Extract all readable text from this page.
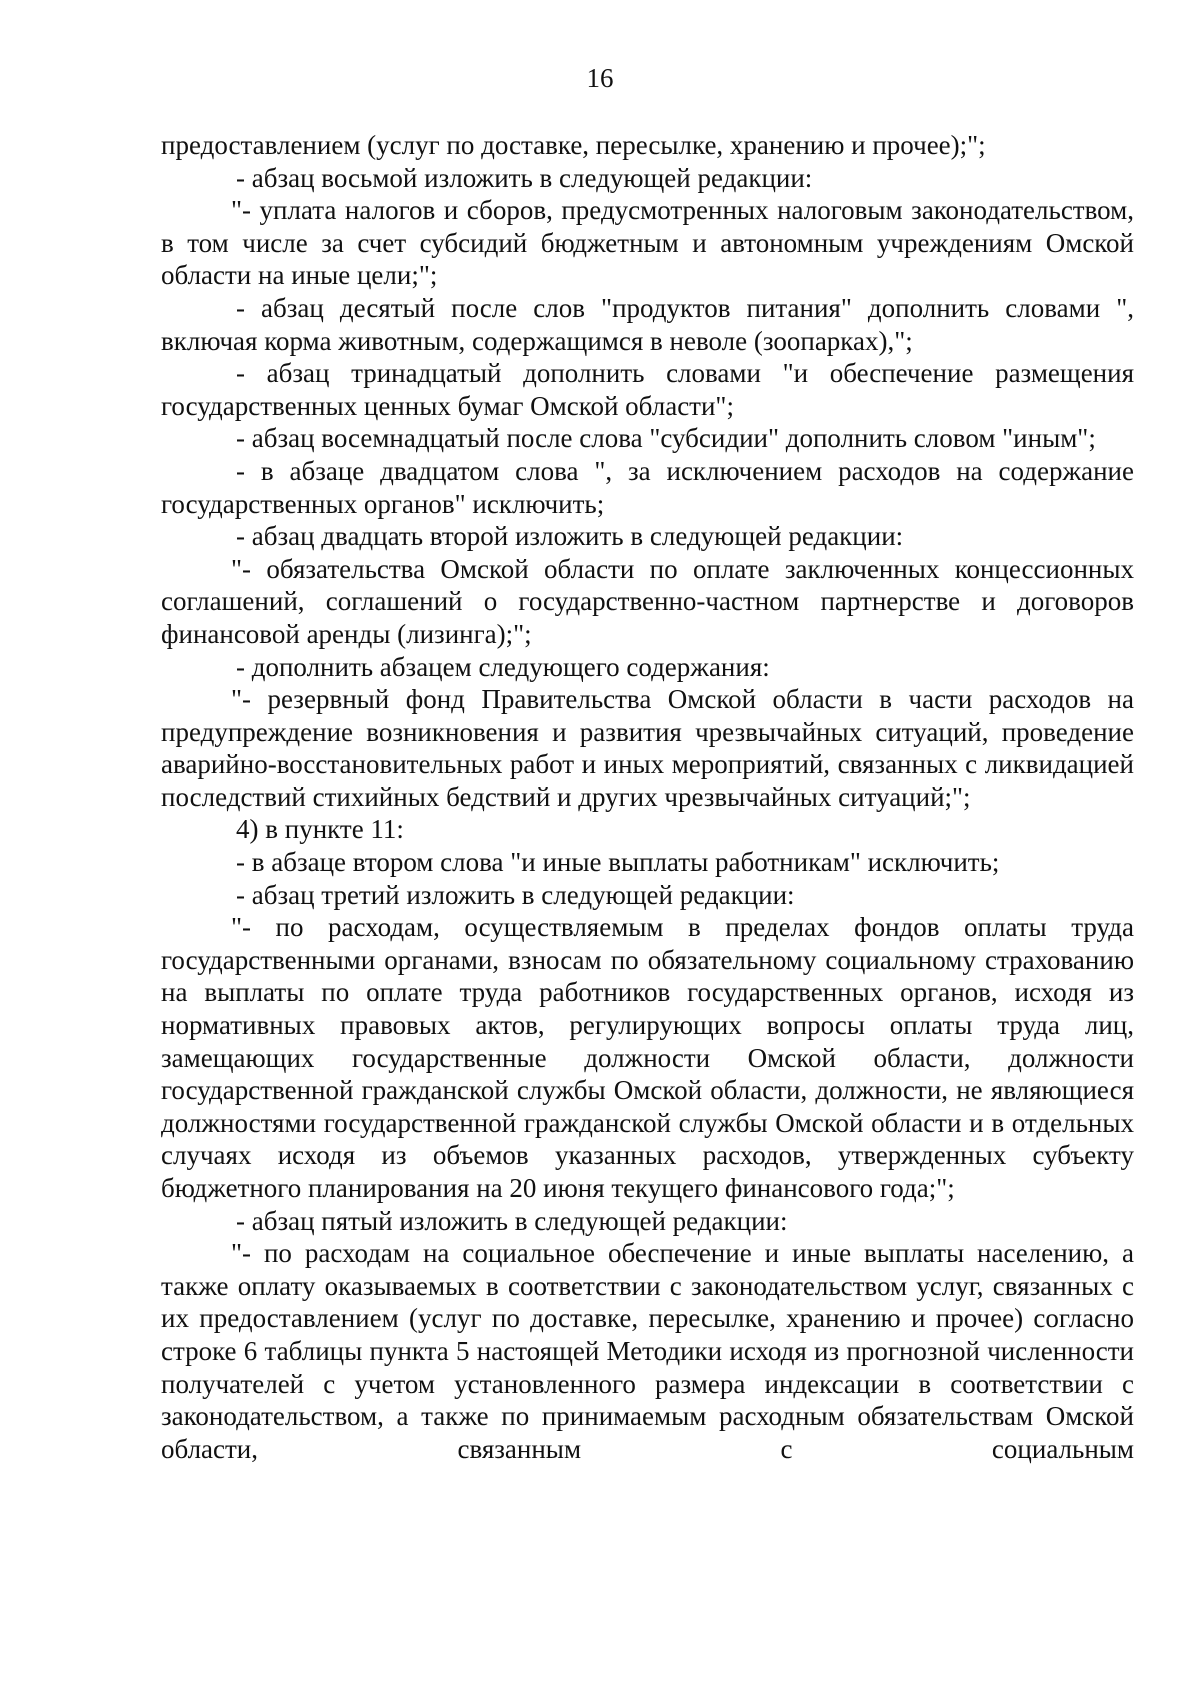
16

предоставлением (услуг по доставке, пересылке, хранению и прочее);";

- абзац восьмой изложить в следующей редакции:

"- уплата налогов и сборов, предусмотренных налоговым законодательством, в том числе за счет субсидий бюджетным и автономным учреждениям Омской области на иные цели;";

- абзац десятый после слов "продуктов питания" дополнить словами ", включая корма животным, содержащимся в неволе (зоопарках),";

- абзац тринадцатый дополнить словами "и обеспечение размещения государственных ценных бумаг Омской области";

- абзац восемнадцатый после слова "субсидии" дополнить словом "иным";

- в абзаце двадцатом слова ", за исключением расходов на содержание государственных органов" исключить;

- абзац двадцать второй изложить в следующей редакции:

"- обязательства Омской области по оплате заключенных концессионных соглашений, соглашений о государственно-частном партнерстве и договоров финансовой аренды (лизинга);";

- дополнить абзацем следующего содержания:

"- резервный фонд Правительства Омской области в части расходов на предупреждение возникновения и развития чрезвычайных ситуаций, проведение аварийно-восстановительных работ и иных мероприятий, связанных с ликвидацией последствий стихийных бедствий и других чрезвычайных ситуаций;";

4) в пункте 11:

- в абзаце втором слова "и иные выплаты работникам" исключить;

- абзац третий изложить в следующей редакции:

"- по расходам, осуществляемым в пределах фондов оплаты труда государственными органами, взносам по обязательному социальному страхованию на выплаты по оплате труда работников государственных органов, исходя из нормативных правовых актов, регулирующих вопросы оплаты труда лиц, замещающих государственные должности Омской области, должности государственной гражданской службы Омской области, должности, не являющиеся должностями государственной гражданской службы Омской области и в отдельных случаях исходя из объемов указанных расходов, утвержденных субъекту бюджетного планирования на 20 июня текущего финансового года;";

- абзац пятый изложить в следующей редакции:

"- по расходам на социальное обеспечение и иные выплаты населению, а также оплату оказываемых в соответствии с законодательством услуг, связанных с их предоставлением (услуг по доставке, пересылке, хранению и прочее) согласно строке 6 таблицы пункта 5 настоящей Методики исходя из прогнозной численности получателей с учетом установленного размера индексации в соответствии с законодательством, а также по принимаемым расходным обязательствам Омской области, связанным с социальным
